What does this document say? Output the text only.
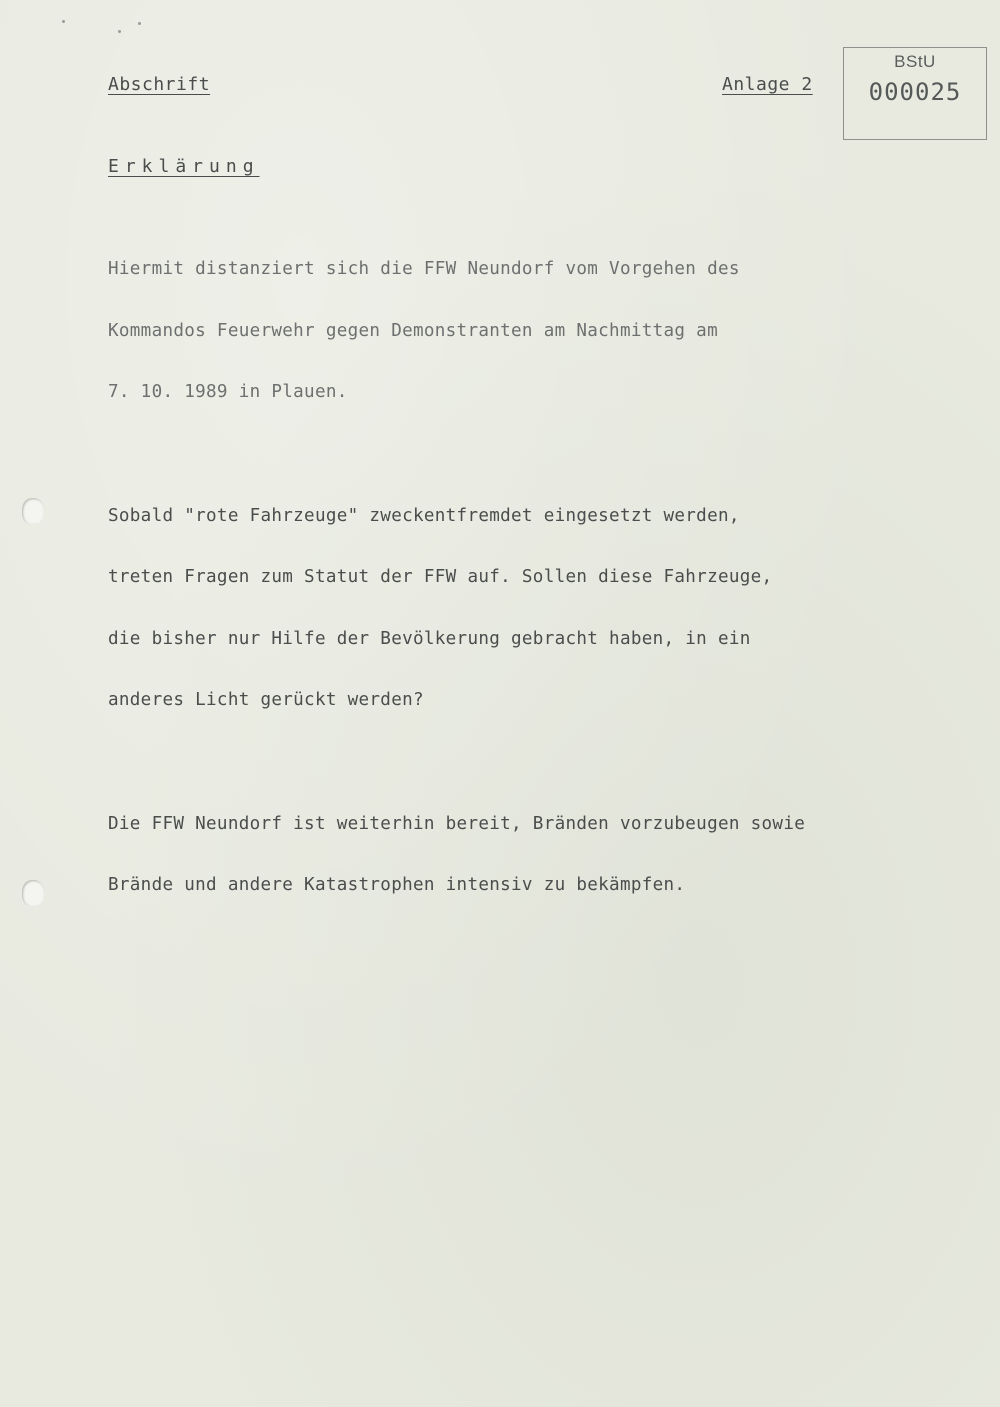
Abschrift	Anlage 2
BStU
000025
Erklärung

Hiermit distanziert sich die FFW Neundorf vom Vorgehen des

Kommandos Feuerwehr gegen Demonstranten am Nachmittag am

7. 10. 1989 in Plauen.

Sobald "rote Fahrzeuge" zweckentfremdet eingesetzt werden,

treten Fragen zum Statut der FFW auf. Sollen diese Fahrzeuge,

die bisher nur Hilfe der Bevölkerung gebracht haben, in ein

anderes Licht gerückt werden?

Die FFW Neundorf ist weiterhin bereit, Bränden vorzubeugen sowie

Brände und andere Katastrophen intensiv zu bekämpfen.
